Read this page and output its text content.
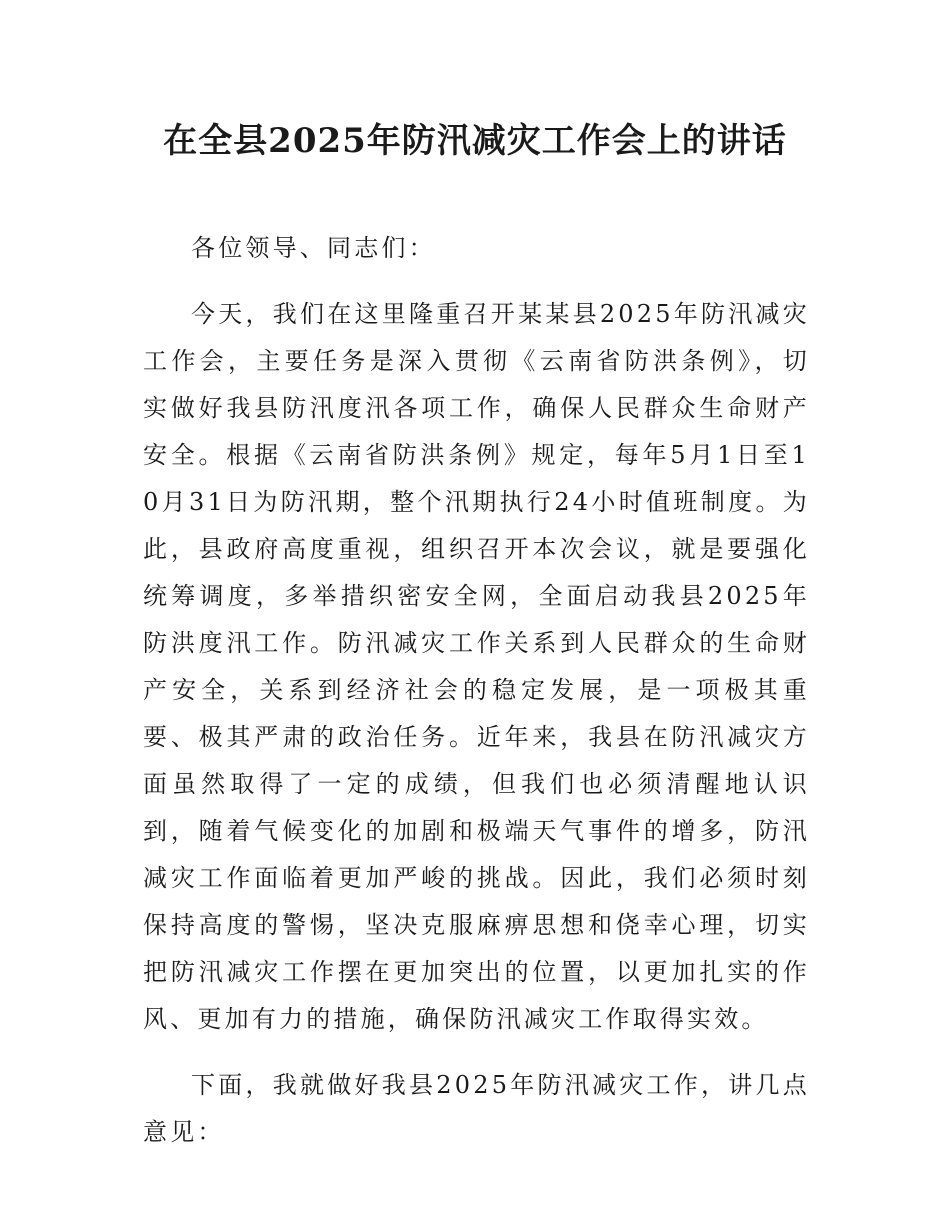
在全县2025年防汛减灾工作会上的讲话

各位领导、同志们：

今天，我们在这里隆重召开某某县2025年防汛减灾工作会，主要任务是深入贯彻《云南省防洪条例》，切实做好我县防汛度汛各项工作，确保人民群众生命财产安全。根据《云南省防洪条例》规定，每年5月1日至10月31日为防汛期，整个汛期执行24小时值班制度。为此，县政府高度重视，组织召开本次会议，就是要强化统筹调度，多举措织密安全网，全面启动我县2025年防洪度汛工作。防汛减灾工作关系到人民群众的生命财产安全，关系到经济社会的稳定发展，是一项极其重要、极其严肃的政治任务。近年来，我县在防汛减灾方面虽然取得了一定的成绩，但我们也必须清醒地认识到，随着气候变化的加剧和极端天气事件的增多，防汛减灾工作面临着更加严峻的挑战。因此，我们必须时刻保持高度的警惕，坚决克服麻痹思想和侥幸心理，切实把防汛减灾工作摆在更加突出的位置，以更加扎实的作风、更加有力的措施，确保防汛减灾工作取得实效。

下面，我就做好我县2025年防汛减灾工作，讲几点意见：
